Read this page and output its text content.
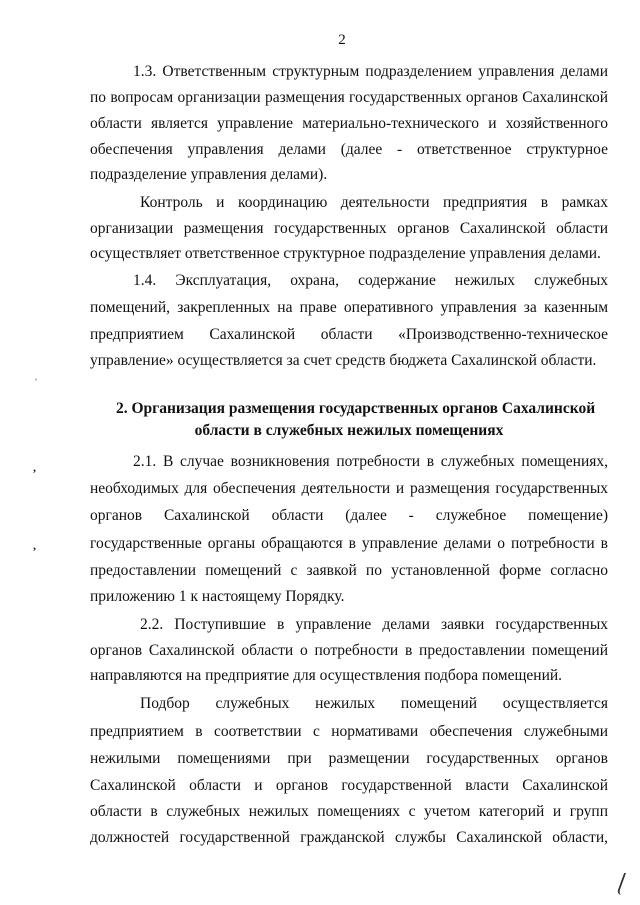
2
1.3. Ответственным структурным подразделением управления делами
по вопросам организации размещения государственных органов Сахалинской
области является управление материально-технического и хозяйственного
обеспечения управления делами (далее - ответственное структурное
подразделение управления делами).
Контроль и координацию деятельности предприятия в рамках
организации размещения государственных органов Сахалинской области
осуществляет ответственное структурное подразделение управления делами.
1.4. Эксплуатация, охрана, содержание нежилых служебных
помещений, закрепленных на праве оперативного управления за казенным
предприятием Сахалинской области «Производственно-техническое
управление» осуществляется за счет средств бюджета Сахалинской области.
2. Организация размещения государственных органов Сахалинской
области в служебных нежилых помещениях
2.1. В случае возникновения потребности в служебных помещениях,
необходимых для обеспечения деятельности и размещения государственных
органов Сахалинской области (далее - служебное помещение)
государственные органы обращаются в управление делами о потребности в
предоставлении помещений с заявкой по установленной форме согласно
приложению 1 к настоящему Порядку.
2.2. Поступившие в управление делами заявки государственных
органов Сахалинской области о потребности в предоставлении помещений
направляются на предприятие для осуществления подбора помещений.
Подбор служебных нежилых помещений осуществляется
предприятием в соответствии с нормативами обеспечения служебными
нежилыми помещениями при размещении государственных органов
Сахалинской области и органов государственной власти Сахалинской
области в служебных нежилых помещениях с учетом категорий и групп
должностей государственной гражданской службы Сахалинской области,
ˈ
,
,
